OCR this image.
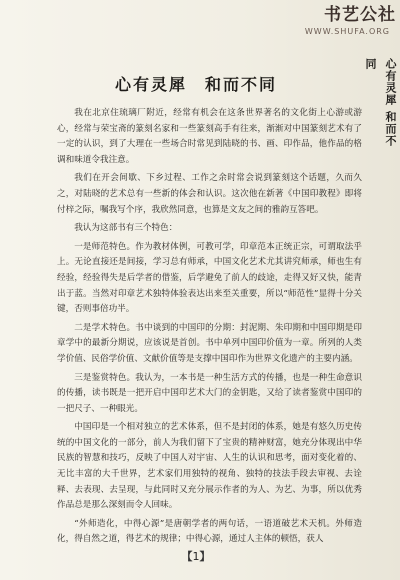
书艺公社
WWW.SHUFA.ORG
心有灵犀 和而不同
心有灵犀　和而不同

我在北京住琉璃厂附近，经常有机会在这条世界著名的文化街上心游或游心，经常与荣宝斋的篆刻名家和一些篆刻高手有往来，渐渐对中国篆刻艺术有了一定的认识，到了大理在一些场合时常见到陆晓的书、画、印作品，他作品的格调和味道令我注意。

我们在开会间歇、下乡过程、工作之余时常会说到篆刻这个话题，久而久之，对陆晓的艺术总有一些新的体会和认识。这次他在新著《中国印教程》即将付梓之际，嘱我写个序，我欣然同意，也算是文友之间的雅韵互答吧。

我认为这部书有三个特色：

一是师范特色。作为教材体例，可教可学，印章范本正统正宗，可谓取法乎上。无论直接还是间接，学习总有师承，中国文化艺术尤其讲究师承，师也生有经验，经验得失是后学者的借鉴，后学避免了前人的歧途，走得又好又快，能青出于蓝。当然对印章艺术独特体验表达出来至关重要，所以“师范性”显得十分关键，否则事倍功半。

二是学术特色。书中谈到的中国印的分期：封泥期、朱印期和中国印期是印章学中的最新分期说，应该说是首创。书中单列中国印价值为一章。所列的人类学价值、民俗学价值、文献价值等是支撑中国印作为世界文化遗产的主要内涵。

三是鉴赏特色。我认为，一本书是一种生活方式的传播，也是一种生命意识的传播，读书既是一把开启中国印艺术大门的金钥匙，又给了读者鉴赏中国印的一把尺子、一种眼光。

中国印是一个相对独立的艺术体系，但不是封闭的体系，她是有悠久历史传统的中国文化的一部分，前人为我们留下了宝贵的精神财富，她充分体现出中华民族的智慧和技巧，反映了中国人对宇宙、人生的认识和思考，面对变化着的、无比丰富的大千世界，艺术家们用独特的视角、独特的技法手段去审视、去诠释、去表现、去呈现，与此同时又充分展示作者的为人、为艺、为事，所以优秀作品总是那么深刻而令人回味。

“外师造化，中得心源”是唐朝学者的两句话，一语道破艺术天机。外师造化，得自然之道，得艺术的规律；中得心源，通过人主体的顿悟，获人

【1】
